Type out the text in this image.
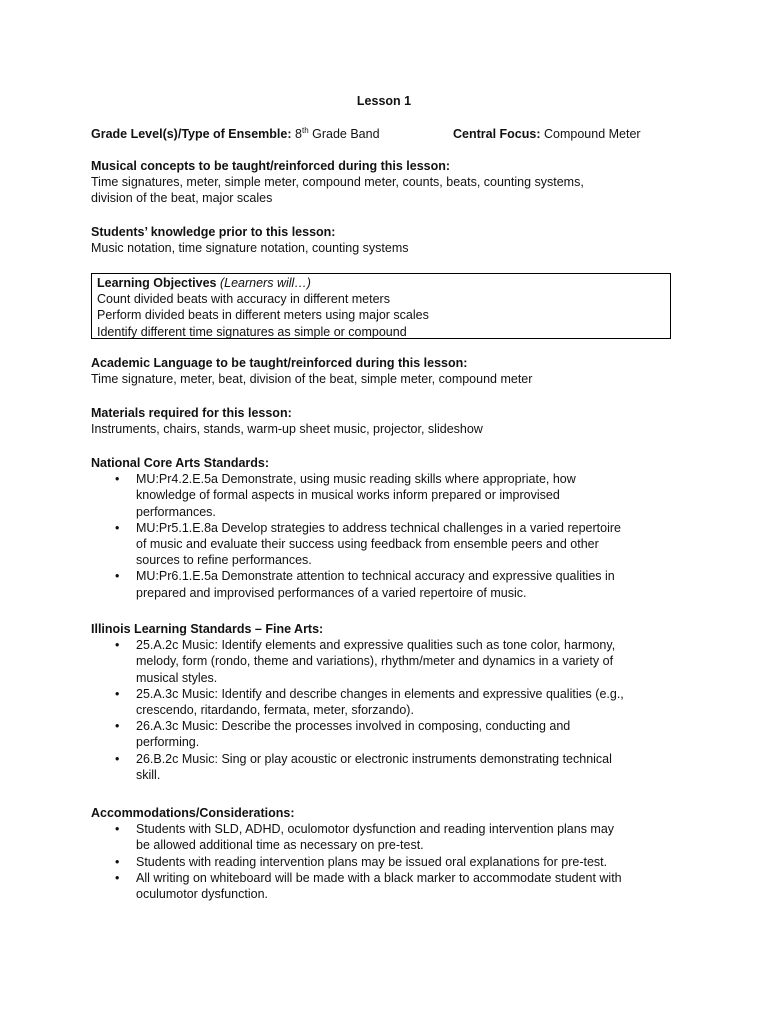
Lesson 1
Grade Level(s)/Type of Ensemble: 8th Grade Band	Central Focus: Compound Meter
Musical concepts to be taught/reinforced during this lesson:
Time signatures, meter, simple meter, compound meter, counts, beats, counting systems,
division of the beat, major scales
Students’ knowledge prior to this lesson:
Music notation, time signature notation, counting systems
Learning Objectives (Learners will…)
Count divided beats with accuracy in different meters
Perform divided beats in different meters using major scales
Identify different time signatures as simple or compound
Academic Language to be taught/reinforced during this lesson:
Time signature, meter, beat, division of the beat, simple meter, compound meter
Materials required for this lesson:
Instruments, chairs, stands, warm-up sheet music, projector, slideshow
National Core Arts Standards:
• MU:Pr4.2.E.5a Demonstrate, using music reading skills where appropriate, how
knowledge of formal aspects in musical works inform prepared or improvised
performances.
• MU:Pr5.1.E.8a Develop strategies to address technical challenges in a varied repertoire
of music and evaluate their success using feedback from ensemble peers and other
sources to refine performances.
• MU:Pr6.1.E.5a Demonstrate attention to technical accuracy and expressive qualities in
prepared and improvised performances of a varied repertoire of music.
Illinois Learning Standards – Fine Arts:
• 25.A.2c Music: Identify elements and expressive qualities such as tone color, harmony,
melody, form (rondo, theme and variations), rhythm/meter and dynamics in a variety of
musical styles.
• 25.A.3c Music: Identify and describe changes in elements and expressive qualities (e.g.,
crescendo, ritardando, fermata, meter, sforzando).
• 26.A.3c Music: Describe the processes involved in composing, conducting and
performing.
• 26.B.2c Music: Sing or play acoustic or electronic instruments demonstrating technical
skill.
Accommodations/Considerations:
• Students with SLD, ADHD, oculomotor dysfunction and reading intervention plans may
be allowed additional time as necessary on pre-test.
• Students with reading intervention plans may be issued oral explanations for pre-test.
• All writing on whiteboard will be made with a black marker to accommodate student with
oculumotor dysfunction.
